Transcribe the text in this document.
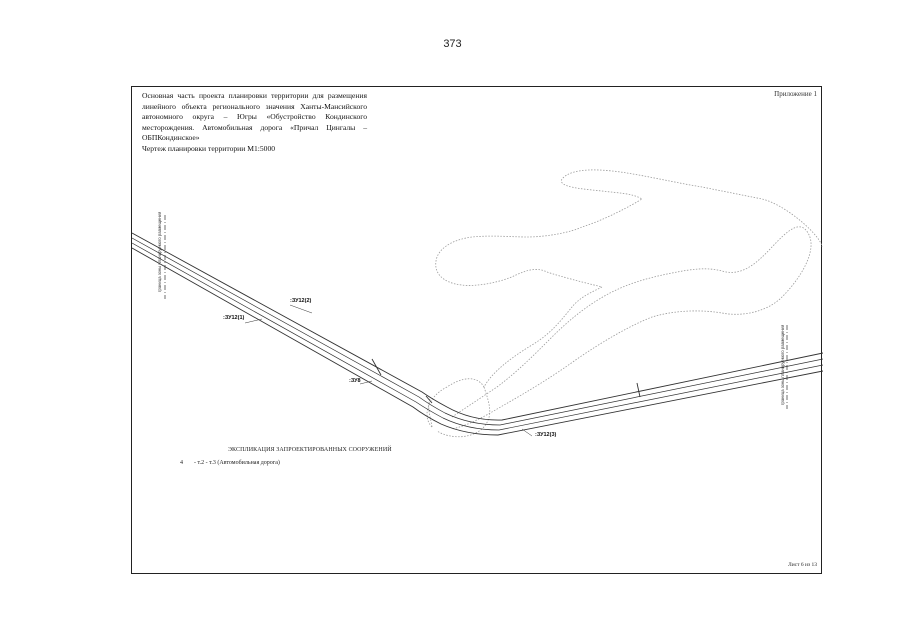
373
Приложение 1
Основная часть проекта планировки территории для размещения линейного объекта регионального значения Ханты-Мансийского автономного округа – Югры «Обустройство Кондинского месторождения. Автомобильная дорога «Причал Цингалы – ОБПКондинское»
Чертеж планировки территории М1:5000
:ЗУ12(2)
:ЗУ12(1)
:ЗУ8
:ЗУ12(3)
граница зоны планируемого размещения
граница зоны планируемого размещения
ЭКСПЛИКАЦИЯ ЗАПРОЕКТИРОВАННЫХ СООРУЖЕНИЙ
4 - т.2 - т.3 (Автомобильная дорога)
Лист 6 из 13
